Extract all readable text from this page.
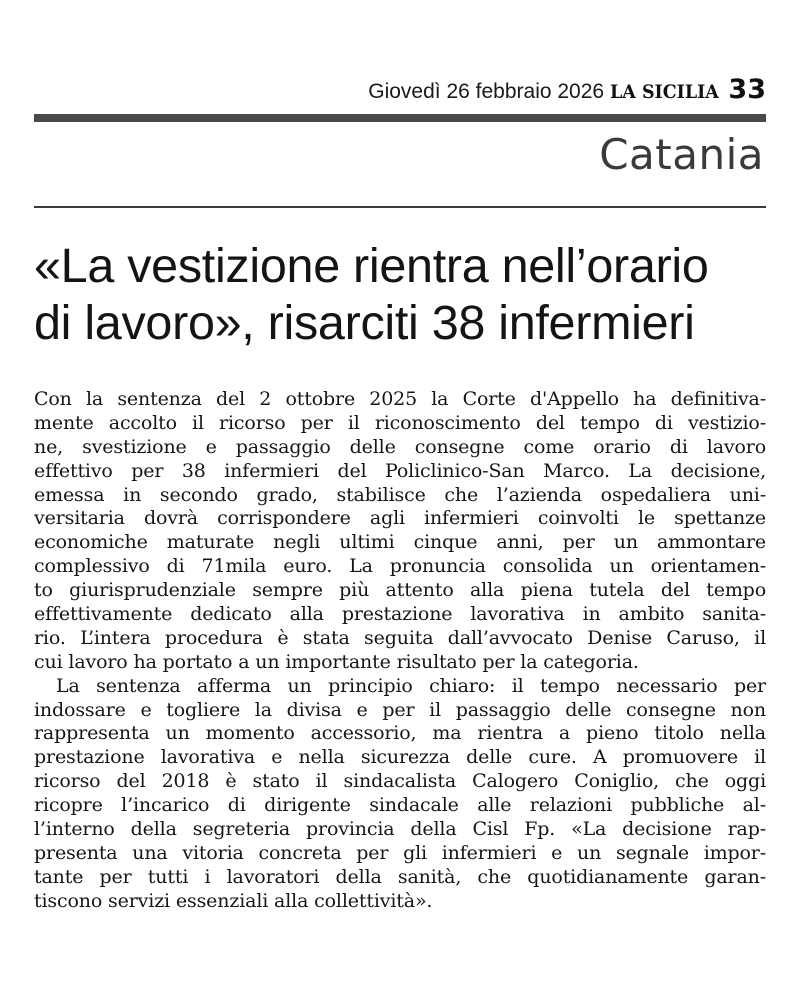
Giovedì 26 febbraio 2026 LA SICILIA 33
Catania
«La vestizione rientra nell’orario
di lavoro», risarciti 38 infermieri
Con la sentenza del 2 ottobre 2025 la Corte d'Appello ha definitiva-
mente accolto il ricorso per il riconoscimento del tempo di vestizio-
ne, svestizione e passaggio delle consegne come orario di lavoro
effettivo per 38 infermieri del Policlinico-San Marco. La decisione,
emessa in secondo grado, stabilisce che l’azienda ospedaliera uni-
versitaria dovrà corrispondere agli infermieri coinvolti le spettanze
economiche maturate negli ultimi cinque anni, per un ammontare
complessivo di 71mila euro. La pronuncia consolida un orientamen-
to giurisprudenziale sempre più attento alla piena tutela del tempo
effettivamente dedicato alla prestazione lavorativa in ambito sanita-
rio. L’intera procedura è stata seguita dall’avvocato Denise Caruso, il
cui lavoro ha portato a un importante risultato per la categoria.
La sentenza afferma un principio chiaro: il tempo necessario per
indossare e togliere la divisa e per il passaggio delle consegne non
rappresenta un momento accessorio, ma rientra a pieno titolo nella
prestazione lavorativa e nella sicurezza delle cure. A promuovere il
ricorso del 2018 è stato il sindacalista Calogero Coniglio, che oggi
ricopre l’incarico di dirigente sindacale alle relazioni pubbliche al-
l’interno della segreteria provincia della Cisl Fp. «La decisione rap-
presenta una vitoria concreta per gli infermieri e un segnale impor-
tante per tutti i lavoratori della sanità, che quotidianamente garan-
tiscono servizi essenziali alla collettività».
